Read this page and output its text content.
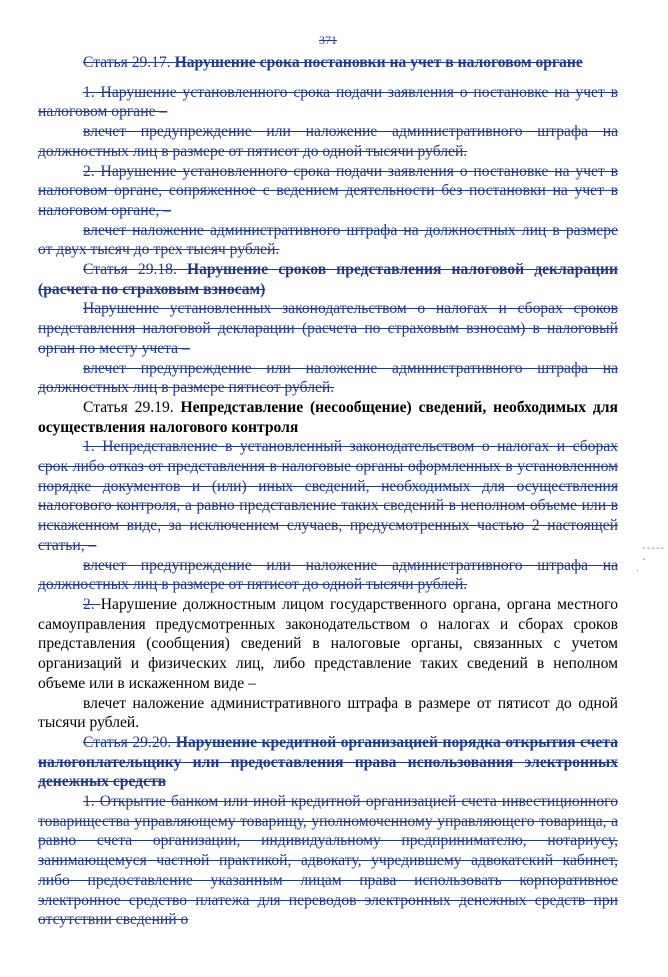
371

Статья 29.17. Нарушение срока постановки на учет в налоговом органе

1. Нарушение установленного срока подачи заявления о постановке на учет в налоговом органе –

влечет предупреждение или наложение административного штрафа на должностных лиц в размере от пятисот до одной тысячи рублей.

2. Нарушение установленного срока подачи заявления о постановке на учет в налоговом органе, сопряженное с ведением деятельности без постановки на учет в налоговом органе, –

влечет наложение административного штрафа на должностных лиц в размере от двух тысяч до трех тысяч рублей.

Статья 29.18. Нарушение сроков представления налоговой декларации (расчета по страховым взносам)

Нарушение установленных законодательством о налогах и сборах сроков представления налоговой декларации (расчета по страховым взносам) в налоговый орган по месту учета –

влечет предупреждение или наложение административного штрафа на должностных лиц в размере пятисот рублей.

Статья 29.19. Непредставление (несообщение) сведений, необходимых для осуществления налогового контроля

1. Непредставление в установленный законодательством о налогах и сборах срок либо отказ от представления в налоговые органы оформленных в установленном порядке документов и (или) иных сведений, необходимых для осуществления налогового контроля, а равно представление таких сведений в неполном объеме или в искаженном виде, за исключением случаев, предусмотренных частью 2 настоящей статьи, –

влечет предупреждение или наложение административного штрафа на должностных лиц в размере от пятисот до одной тысячи рублей.

2. Нарушение должностным лицом государственного органа, органа местного самоуправления предусмотренных законодательством о налогах и сборах сроков представления (сообщения) сведений в налоговые органы, связанных с учетом организаций и физических лиц, либо представление таких сведений в неполном объеме или в искаженном виде –

влечет наложение административного штрафа в размере от пятисот до одной тысячи рублей.

Статья 29.20. Нарушение кредитной организацией порядка открытия счета налогоплательщику или предоставления права использования электронных денежных средств

1. Открытие банком или иной кредитной организацией счета инвестиционного товарищества управляющему товарищу, уполномоченному управляющего товарища, а равно счета организации, индивидуальному предпринимателю, нотариусу, занимающемуся частной практикой, адвокату, учредившему адвокатский кабинет, либо предоставление указанным лицам права использовать корпоративное электронное средство платежа для переводов электронных денежных средств при отсутствии сведений о

------
.
